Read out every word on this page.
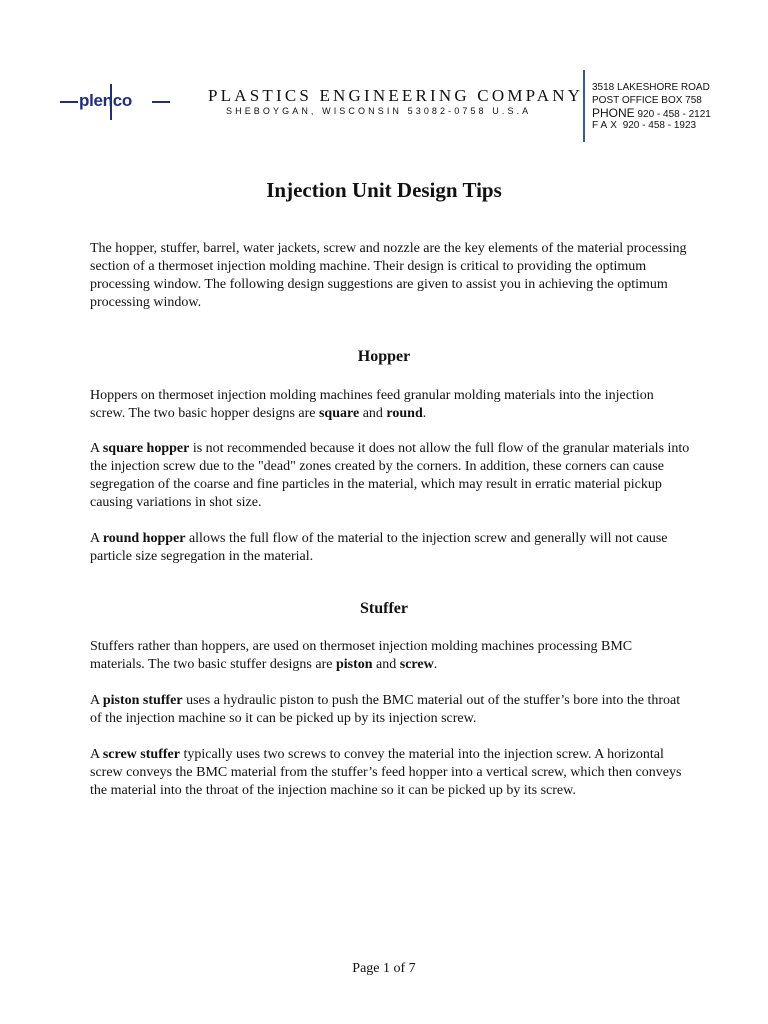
plenco	PLASTICS ENGINEERING COMPANY
SHEBOYGAN, WISCONSIN 53082-0758 U.S.A
3518 LAKESHORE ROAD
POST OFFICE BOX 758
PHONE 920 - 458 - 2121
FAX 920 - 458 - 1923
Injection Unit Design Tips

The hopper, stuffer, barrel, water jackets, screw and nozzle are the key elements of the material processing section of a thermoset injection molding machine. Their design is critical to providing the optimum processing window. The following design suggestions are given to assist you in achieving the optimum processing window.

Hopper

Hoppers on thermoset injection molding machines feed granular molding materials into the injection screw. The two basic hopper designs are square and round.

A square hopper is not recommended because it does not allow the full flow of the granular materials into the injection screw due to the "dead" zones created by the corners. In addition, these corners can cause segregation of the coarse and fine particles in the material, which may result in erratic material pickup causing variations in shot size.

A round hopper allows the full flow of the material to the injection screw and generally will not cause particle size segregation in the material.

Stuffer

Stuffers rather than hoppers, are used on thermoset injection molding machines processing BMC materials. The two basic stuffer designs are piston and screw.

A piston stuffer uses a hydraulic piston to push the BMC material out of the stuffer’s bore into the throat of the injection machine so it can be picked up by its injection screw.

A screw stuffer typically uses two screws to convey the material into the injection screw. A horizontal screw conveys the BMC material from the stuffer’s feed hopper into a vertical screw, which then conveys the material into the throat of the injection machine so it can be picked up by its screw.

Page 1 of 7
